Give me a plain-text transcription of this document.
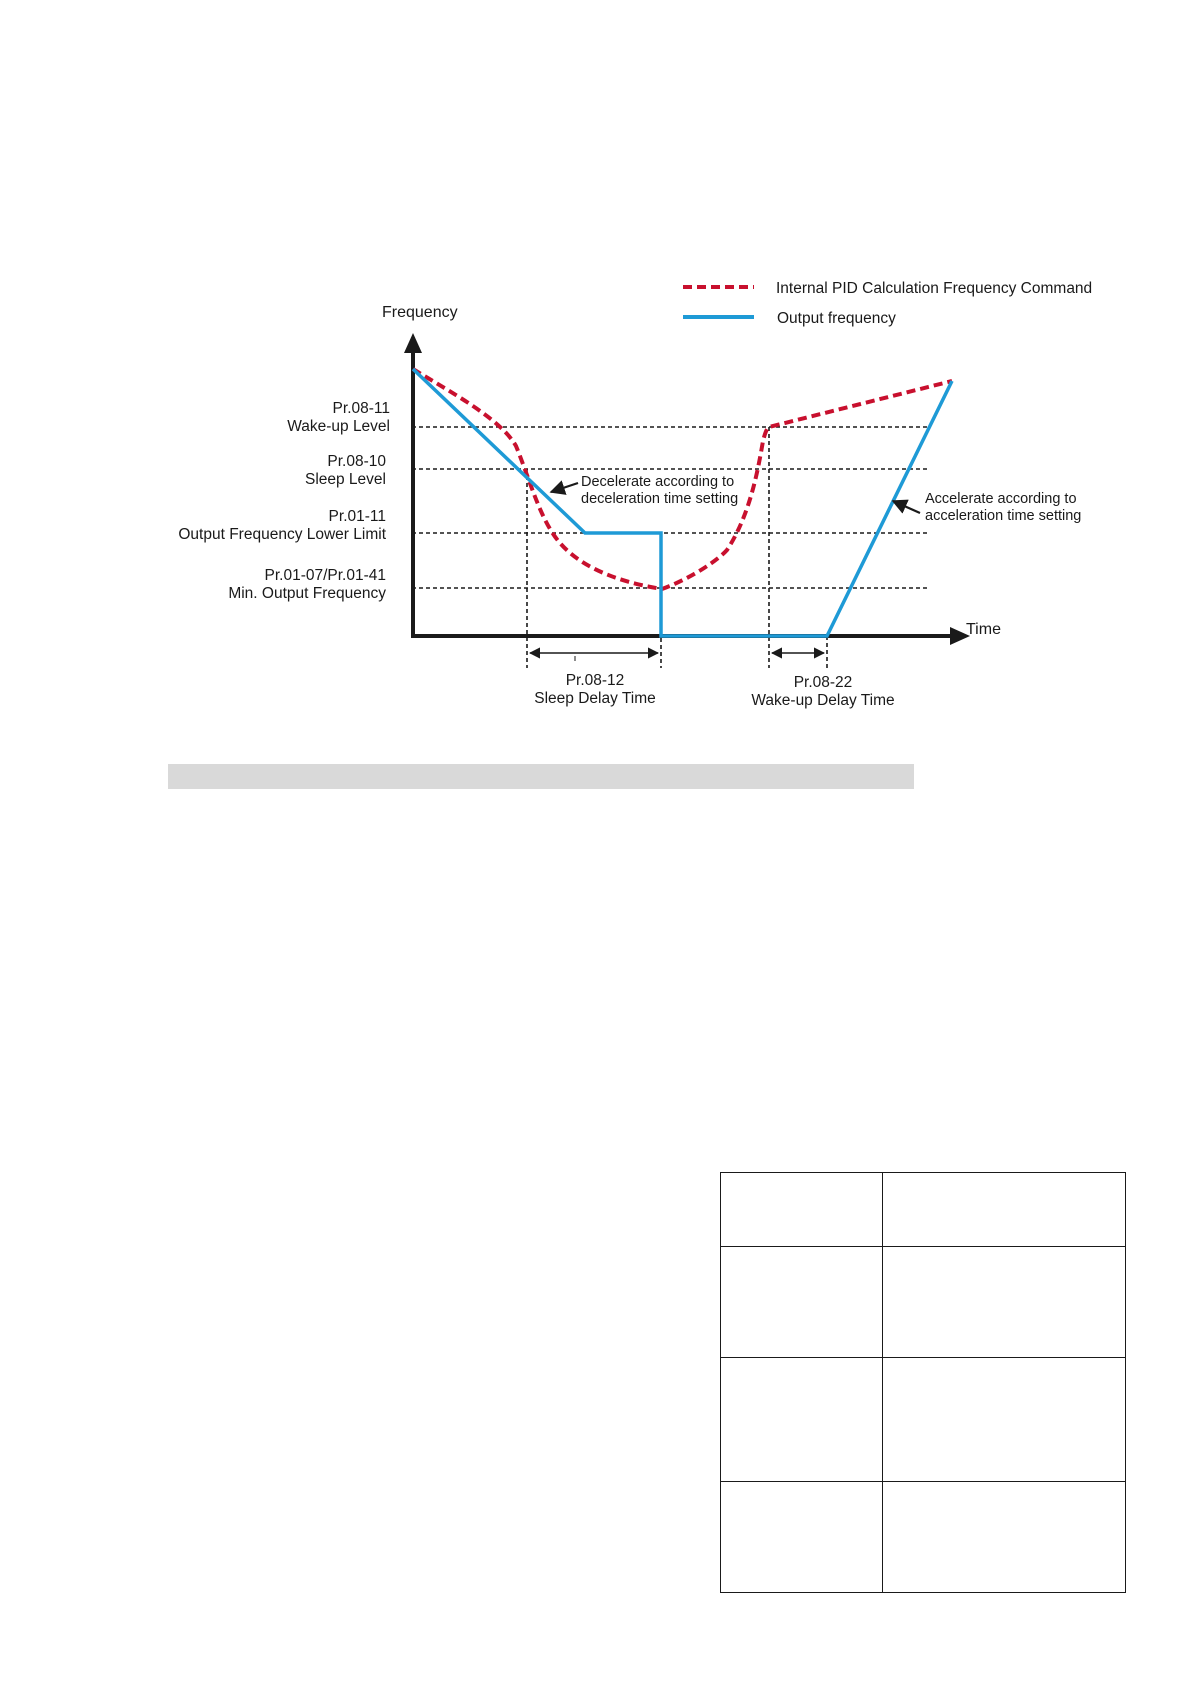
Internal PID Calculation Frequency Command
Output frequency
Frequency
Time
Pr.08-11
Wake-up Level
Pr.08-10
Sleep Level
Pr.01-11
Output Frequency Lower Limit
Pr.01-07/Pr.01-41
Min. Output Frequency
Decelerate according to
deceleration time setting	Accelerate according to
acceleration time setting
Pr.08-12
Sleep Delay Time
Pr.08-22
Wake-up Delay Time
